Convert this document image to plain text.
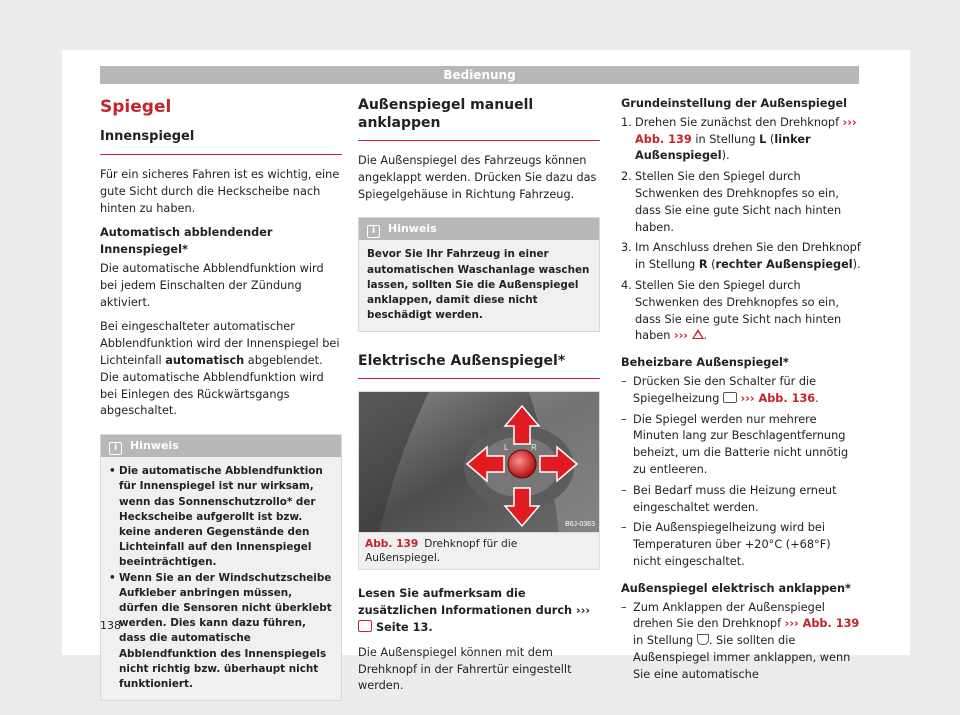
Bedienung
Spiegel
Innenspiegel

Für ein sicheres Fahren ist es wichtig, eine gute Sicht durch die Heckscheibe nach hinten zu haben.

Automatisch abblendender Innenspiegel*

Die automatische Abblendfunktion wird bei jedem Einschalten der Zündung aktiviert.

Bei eingeschalteter automatischer Abblendfunktion wird der Innenspiegel bei Lichteinfall automatisch abgeblendet. Die automatische Abblendfunktion wird bei Einlegen des Rückwärtsgangs abgeschaltet.

i Hinweis
• Die automatische Abblendfunktion für Innenspiegel ist nur wirksam, wenn das Sonnenschutzrollo* der Heckscheibe aufgerollt ist bzw. keine anderen Gegenstände den Lichteinfall auf den Innenspiegel beeinträchtigen.
• Wenn Sie an der Windschutzscheibe Aufkleber anbringen müssen, dürfen die Sensoren nicht überklebt werden. Dies kann dazu führen, dass die automatische Abblendfunktion des Innenspiegels nicht richtig bzw. überhaupt nicht funktioniert.
Außenspiegel manuell anklappen

Die Außenspiegel des Fahrzeugs können angeklappt werden. Drücken Sie dazu das Spiegelgehäuse in Richtung Fahrzeug.

i Hinweis
Bevor Sie Ihr Fahrzeug in einer automatischen Waschanlage waschen lassen, sollten Sie die Außenspiegel anklappen, damit diese nicht beschädigt werden.
Elektrische Außenspiegel*
L	R
B6J-0363
Abb. 139 Drehknopf für die Außenspiegel.

Lesen Sie aufmerksam die zusätzlichen Informationen durch ›››  Seite 13.

Die Außenspiegel können mit dem Drehknopf in der Fahrertür eingestellt werden.

Grundeinstellung der Außenspiegel

1. Drehen Sie zunächst den Drehknopf ››› Abb. 139 in Stellung L (linker Außenspiegel).
2. Stellen Sie den Spiegel durch Schwenken des Drehknopfes so ein, dass Sie eine gute Sicht nach hinten haben.
3. Im Anschluss drehen Sie den Drehknopf in Stellung R (rechter Außenspiegel).
4. Stellen Sie den Spiegel durch Schwenken des Drehknopfes so ein, dass Sie eine gute Sicht nach hinten haben ››› .

Beheizbare Außenspiegel*

– Drücken Sie den Schalter für die Spiegelheizung  ››› Abb. 136.
– Die Spiegel werden nur mehrere Minuten lang zur Beschlagentfernung beheizt, um die Batterie nicht unnötig zu entleeren.
– Bei Bedarf muss die Heizung erneut eingeschaltet werden.
– Die Außenspiegelheizung wird bei Temperaturen über +20°C (+68°F) nicht eingeschaltet.

Außenspiegel elektrisch anklappen*

– Zum Anklappen der Außenspiegel drehen Sie den Drehknopf ››› Abb. 139 in Stellung . Sie sollten die Außenspiegel immer anklappen, wenn Sie eine automatische
138
